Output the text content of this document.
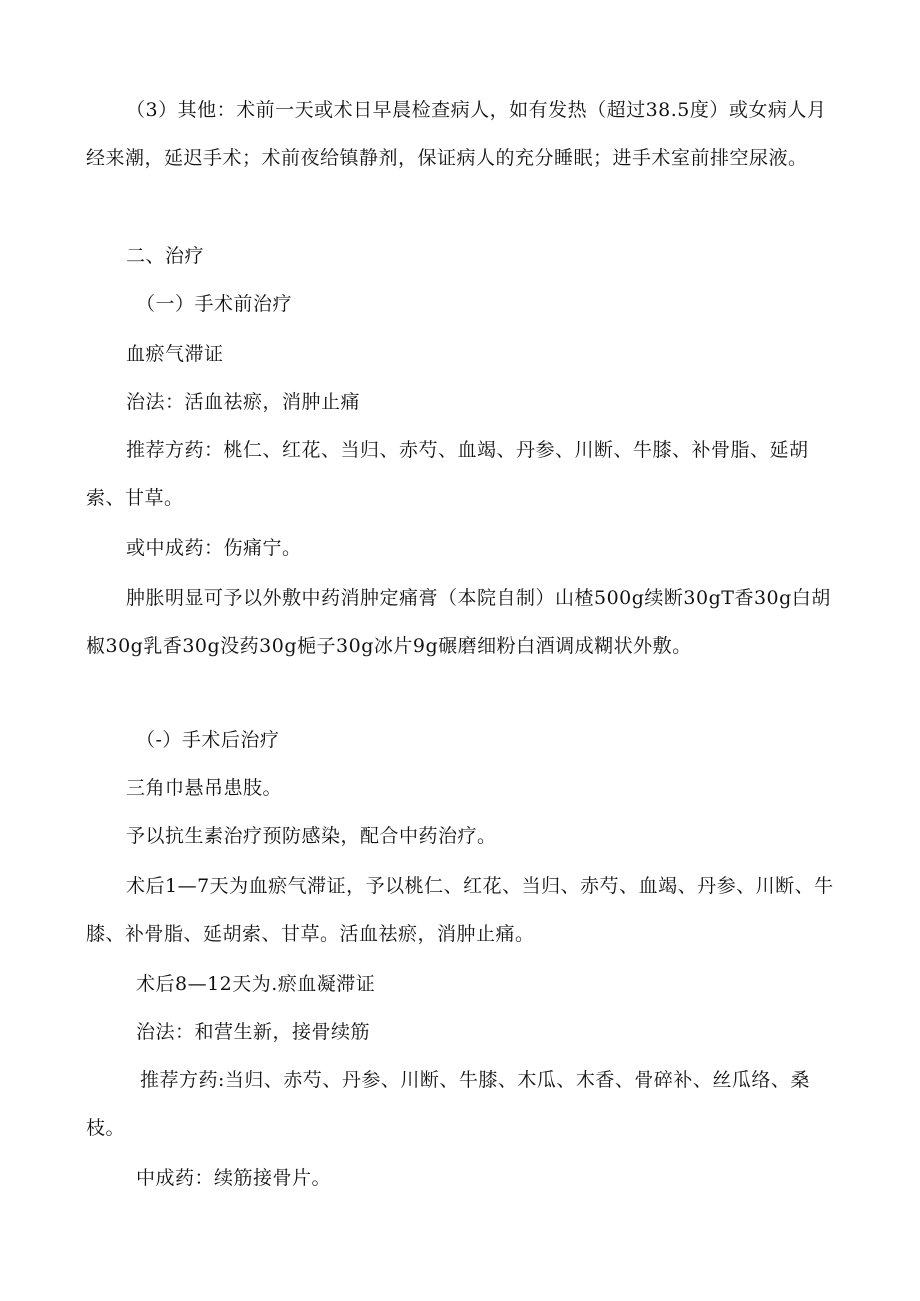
（3）其他：术前一天或术日早晨检查病人，如有发热（超过38.5度）或女病人月经来潮，延迟手术；术前夜给镇静剂，保证病人的充分睡眠；进手术室前排空尿液。

二、治疗

（一）手术前治疗

血瘀气滞证

治法：活血祛瘀，消肿止痛

推荐方药：桃仁、红花、当归、赤芍、血竭、丹参、川断、牛膝、补骨脂、延胡索、甘草。

或中成药：伤痛宁。

肿胀明显可予以外敷中药消肿定痛膏（本院自制）山楂500g续断30gT香30g白胡椒30g乳香30g没药30g梔子30g冰片9g碾磨细粉白酒调成糊状外敷。

（-）手术后治疗

三角巾悬吊患肢。

予以抗生素治疗预防感染，配合中药治疗。

术后1—7天为血瘀气滞证，予以桃仁、红花、当归、赤芍、血竭、丹参、川断、牛膝、补骨脂、延胡索、甘草。活血祛瘀，消肿止痛。

术后8—12天为.瘀血凝滞证

治法：和营生新，接骨续筋

推荐方药:当归、赤芍、丹参、川断、牛膝、木瓜、木香、骨碎补、丝瓜络、桑枝。

中成药：续筋接骨片。
